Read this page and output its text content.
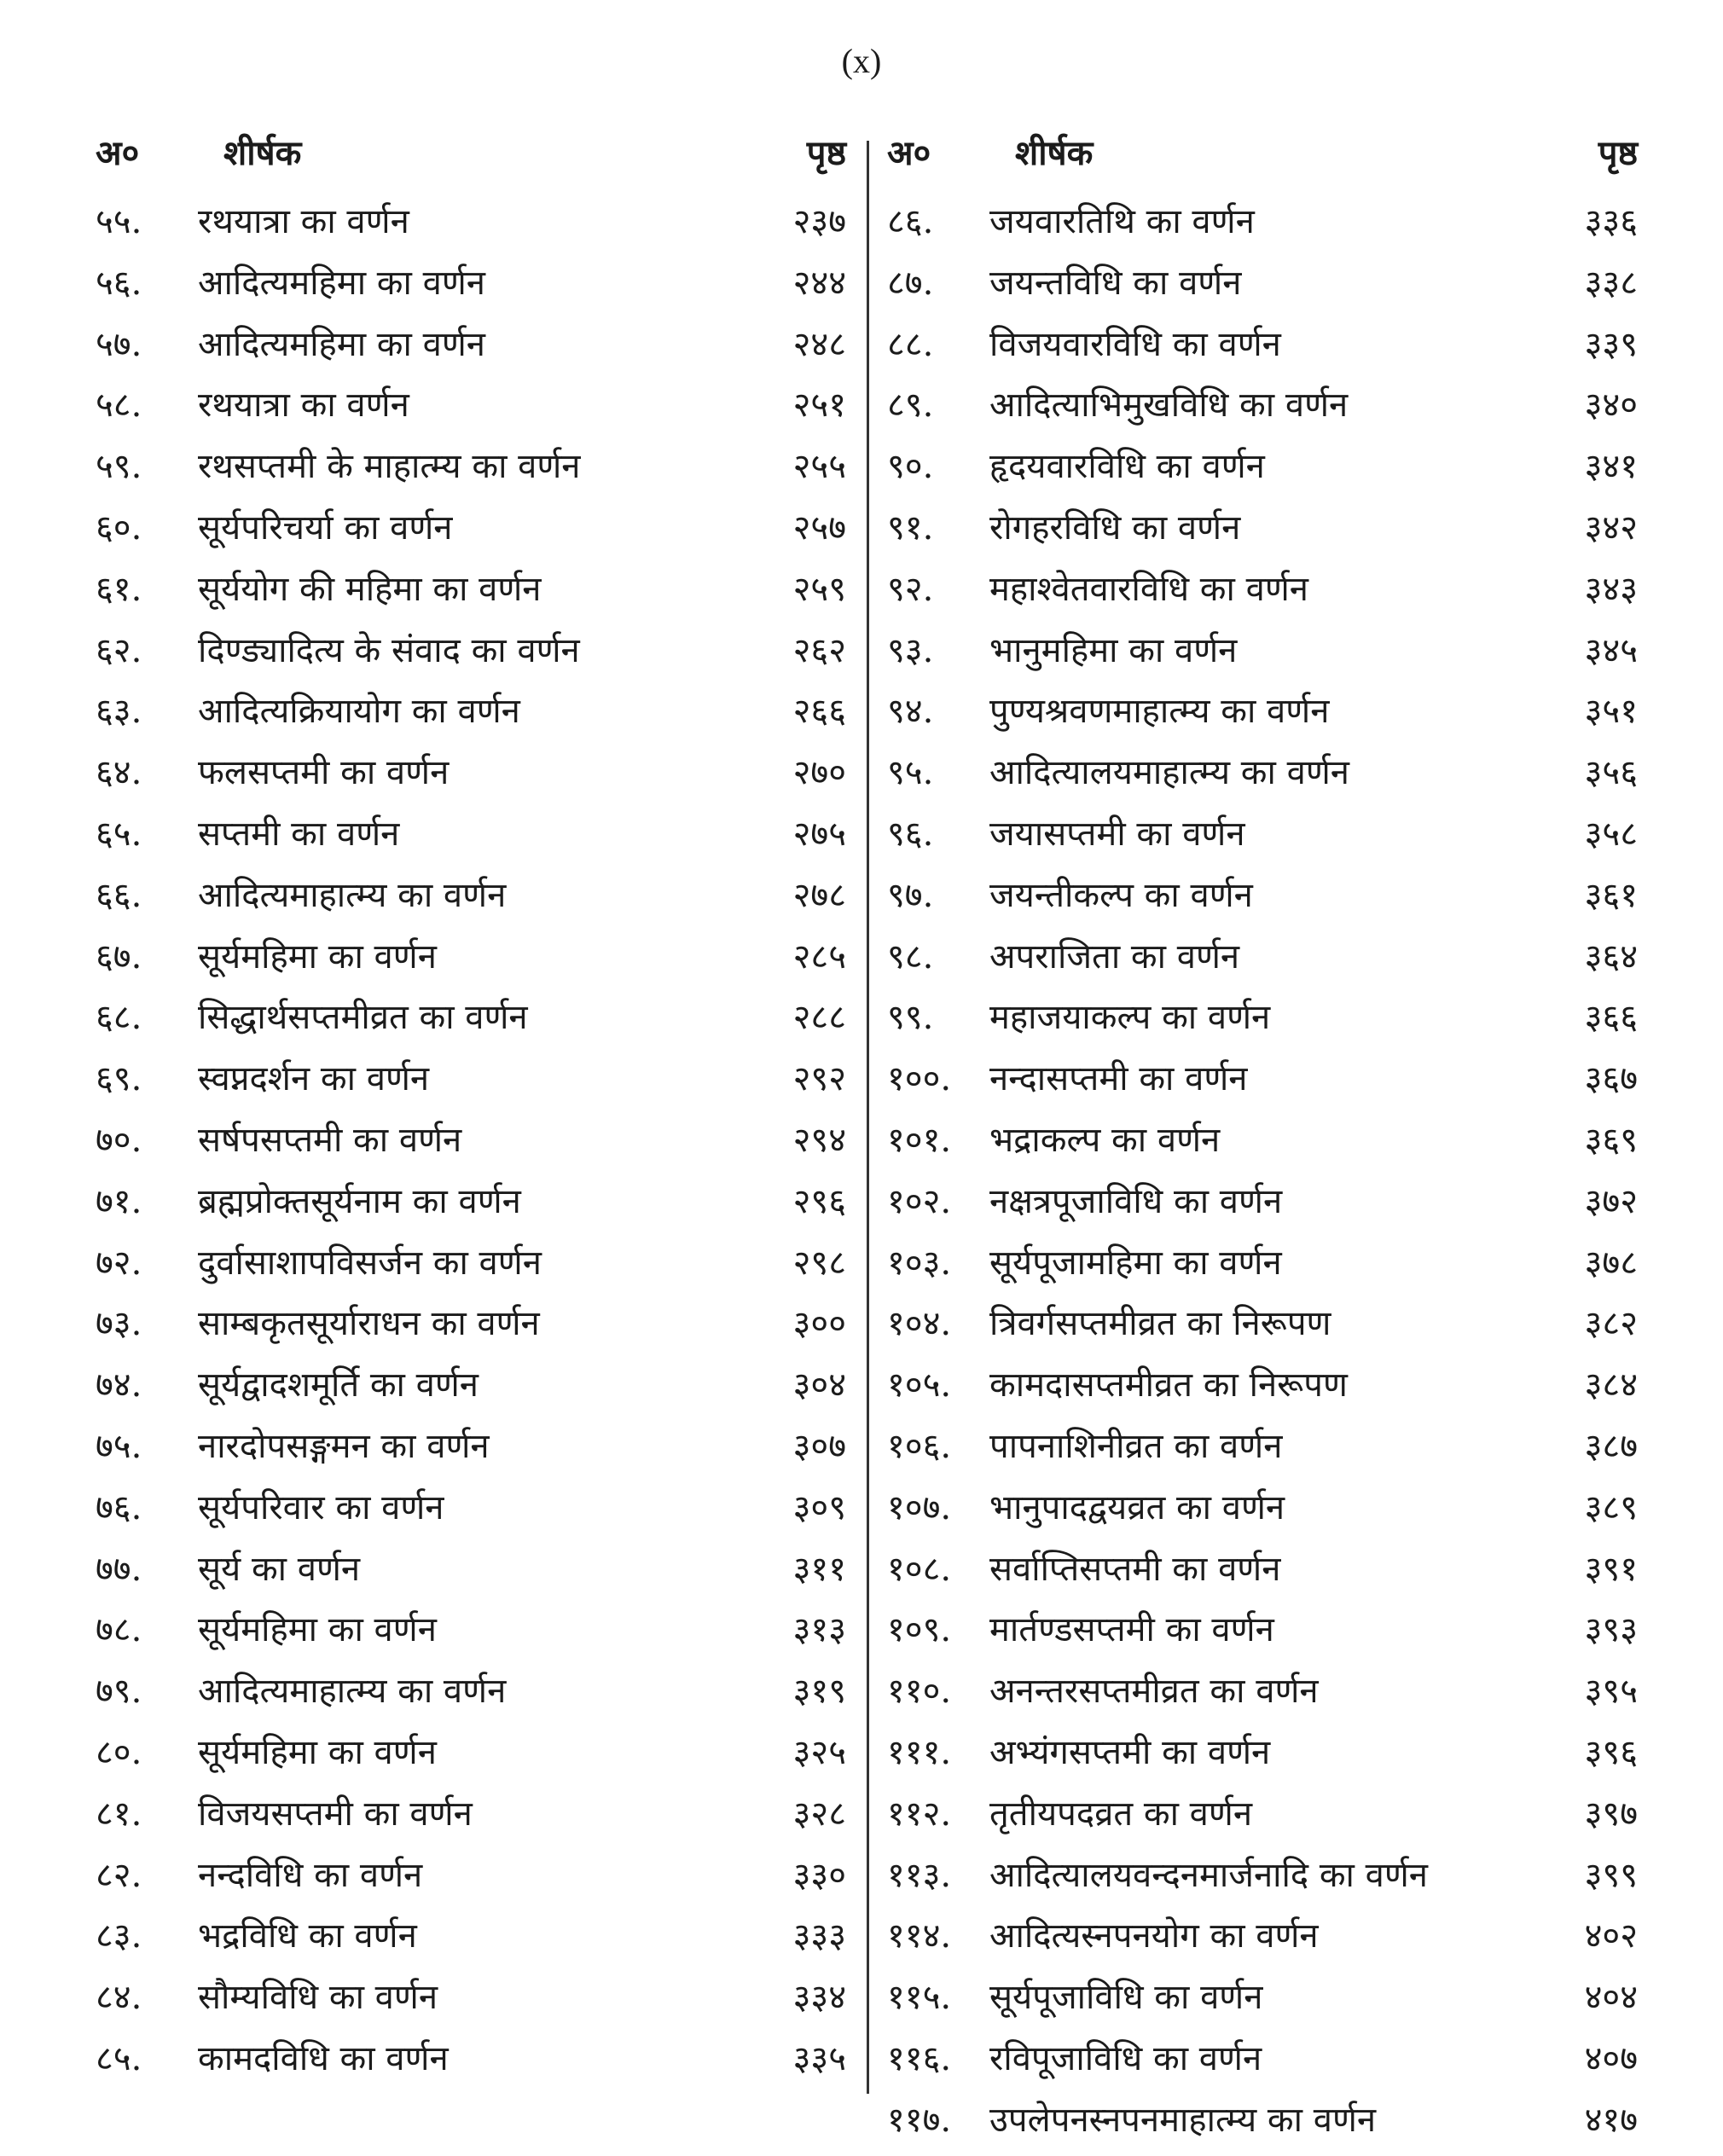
(x)
अ०	शीर्षक	पृष्ठ
५५.	रथयात्रा का वर्णन	२३७
५६.	आदित्यमहिमा का वर्णन	२४४
५७.	आदित्यमहिमा का वर्णन	२४८
५८.	रथयात्रा का वर्णन	२५१
५९.	रथसप्तमी के माहात्म्य का वर्णन	२५५
६०.	सूर्यपरिचर्या का वर्णन	२५७
६१.	सूर्ययोग की महिमा का वर्णन	२५९
६२.	दिण्ड्यादित्य के संवाद का वर्णन	२६२
६३.	आदित्यक्रियायोग का वर्णन	२६६
६४.	फलसप्तमी का वर्णन	२७०
६५.	सप्तमी का वर्णन	२७५
६६.	आदित्यमाहात्म्य का वर्णन	२७८
६७.	सूर्यमहिमा का वर्णन	२८५
६८.	सिद्धार्थसप्तमीव्रत का वर्णन	२८८
६९.	स्वप्नदर्शन का वर्णन	२९२
७०.	सर्षपसप्तमी का वर्णन	२९४
७१.	ब्रह्मप्रोक्तसूर्यनाम का वर्णन	२९६
७२.	दुर्वासाशापविसर्जन का वर्णन	२९८
७३.	साम्बकृतसूर्याराधन का वर्णन	३००
७४.	सूर्यद्वादशमूर्ति का वर्णन	३०४
७५.	नारदोपसङ्गमन का वर्णन	३०७
७६.	सूर्यपरिवार का वर्णन	३०९
७७.	सूर्य का वर्णन	३११
७८.	सूर्यमहिमा का वर्णन	३१३
७९.	आदित्यमाहात्म्य का वर्णन	३१९
८०.	सूर्यमहिमा का वर्णन	३२५
८१.	विजयसप्तमी का वर्णन	३२८
८२.	नन्दविधि का वर्णन	३३०
८३.	भद्रविधि का वर्णन	३३३
८४.	सौम्यविधि का वर्णन	३३४
८५.	कामदविधि का वर्णन	३३५
अ०	शीर्षक	पृष्ठ
८६.	जयवारतिथि का वर्णन	३३६
८७.	जयन्तविधि का वर्णन	३३८
८८.	विजयवारविधि का वर्णन	३३९
८९.	आदित्याभिमुखविधि का वर्णन	३४०
९०.	हृदयवारविधि का वर्णन	३४१
९१.	रोगहरविधि का वर्णन	३४२
९२.	महाश्वेतवारविधि का वर्णन	३४३
९३.	भानुमहिमा का वर्णन	३४५
९४.	पुण्यश्रवणमाहात्म्य का वर्णन	३५१
९५.	आदित्यालयमाहात्म्य का वर्णन	३५६
९६.	जयासप्तमी का वर्णन	३५८
९७.	जयन्तीकल्प का वर्णन	३६१
९८.	अपराजिता का वर्णन	३६४
९९.	महाजयाकल्प का वर्णन	३६६
१००.	नन्दासप्तमी का वर्णन	३६७
१०१.	भद्राकल्प का वर्णन	३६९
१०२.	नक्षत्रपूजाविधि का वर्णन	३७२
१०३.	सूर्यपूजामहिमा का वर्णन	३७८
१०४.	त्रिवर्गसप्तमीव्रत का निरूपण	३८२
१०५.	कामदासप्तमीव्रत का निरूपण	३८४
१०६.	पापनाशिनीव्रत का वर्णन	३८७
१०७.	भानुपादद्वयव्रत का वर्णन	३८९
१०८.	सर्वाप्तिसप्तमी का वर्णन	३९१
१०९.	मार्तण्डसप्तमी का वर्णन	३९३
११०.	अनन्तरसप्तमीव्रत का वर्णन	३९५
१११.	अभ्यंगसप्तमी का वर्णन	३९६
११२.	तृतीयपदव्रत का वर्णन	३९७
११३.	आदित्यालयवन्दनमार्जनादि का वर्णन	३९९
११४.	आदित्यस्नपनयोग का वर्णन	४०२
११५.	सूर्यपूजाविधि का वर्णन	४०४
११६.	रविपूजाविधि का वर्णन	४०७
११७.	उपलेपनस्नपनमाहात्म्य का वर्णन	४१७
